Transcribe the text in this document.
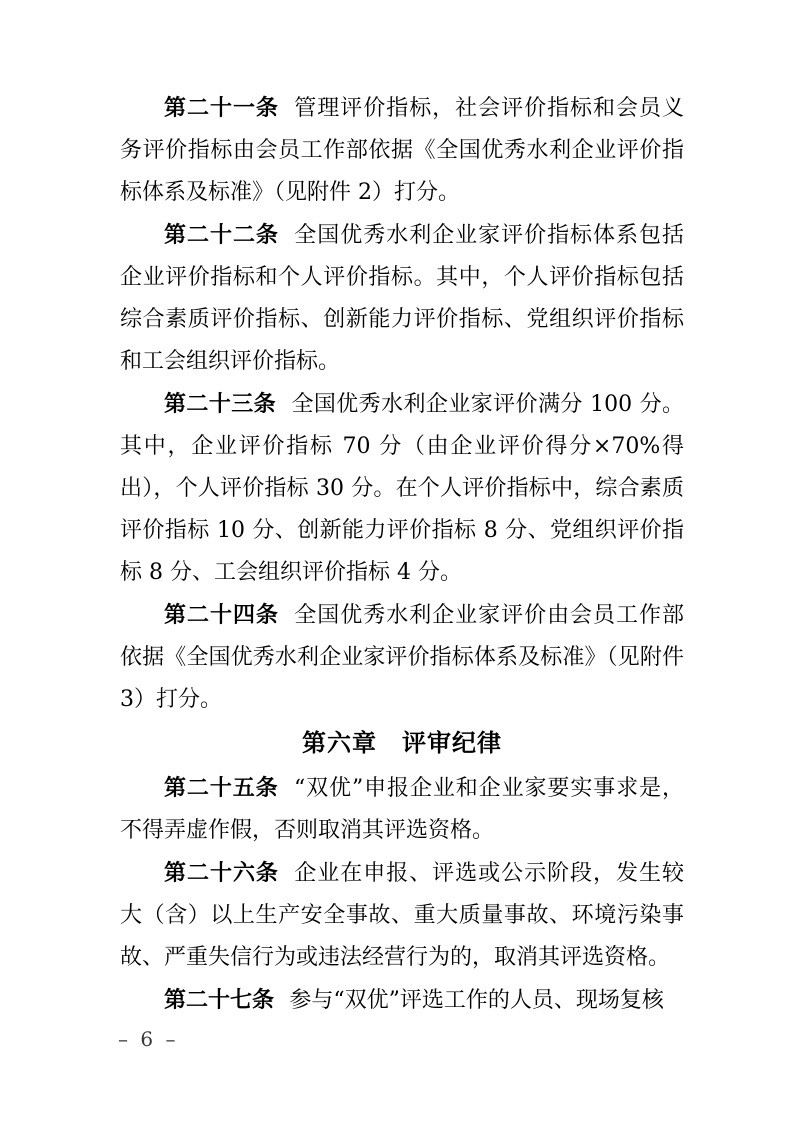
第二十一条 管理评价指标，社会评价指标和会员义务评价指标由会员工作部依据《全国优秀水利企业评价指标体系及标准》（见附件 2）打分。

第二十二条 全国优秀水利企业家评价指标体系包括企业评价指标和个人评价指标。其中，个人评价指标包括综合素质评价指标、创新能力评价指标、党组织评价指标和工会组织评价指标。

第二十三条 全国优秀水利企业家评价满分 100 分。其中，企业评价指标 70 分（由企业评价得分×70%得出），个人评价指标 30 分。在个人评价指标中，综合素质评价指标 10 分、创新能力评价指标 8 分、党组织评价指标 8 分、工会组织评价指标 4 分。

第二十四条 全国优秀水利企业家评价由会员工作部依据《全国优秀水利企业家评价指标体系及标准》（见附件 3）打分。

第六章　评审纪律

第二十五条 “双优”申报企业和企业家要实事求是，不得弄虚作假，否则取消其评选资格。

第二十六条 企业在申报、评选或公示阶段，发生较大（含）以上生产安全事故、重大质量事故、环境污染事故、严重失信行为或违法经营行为的，取消其评选资格。

第二十七条 参与“双优”评选工作的人员、现场复核

– 6 –
